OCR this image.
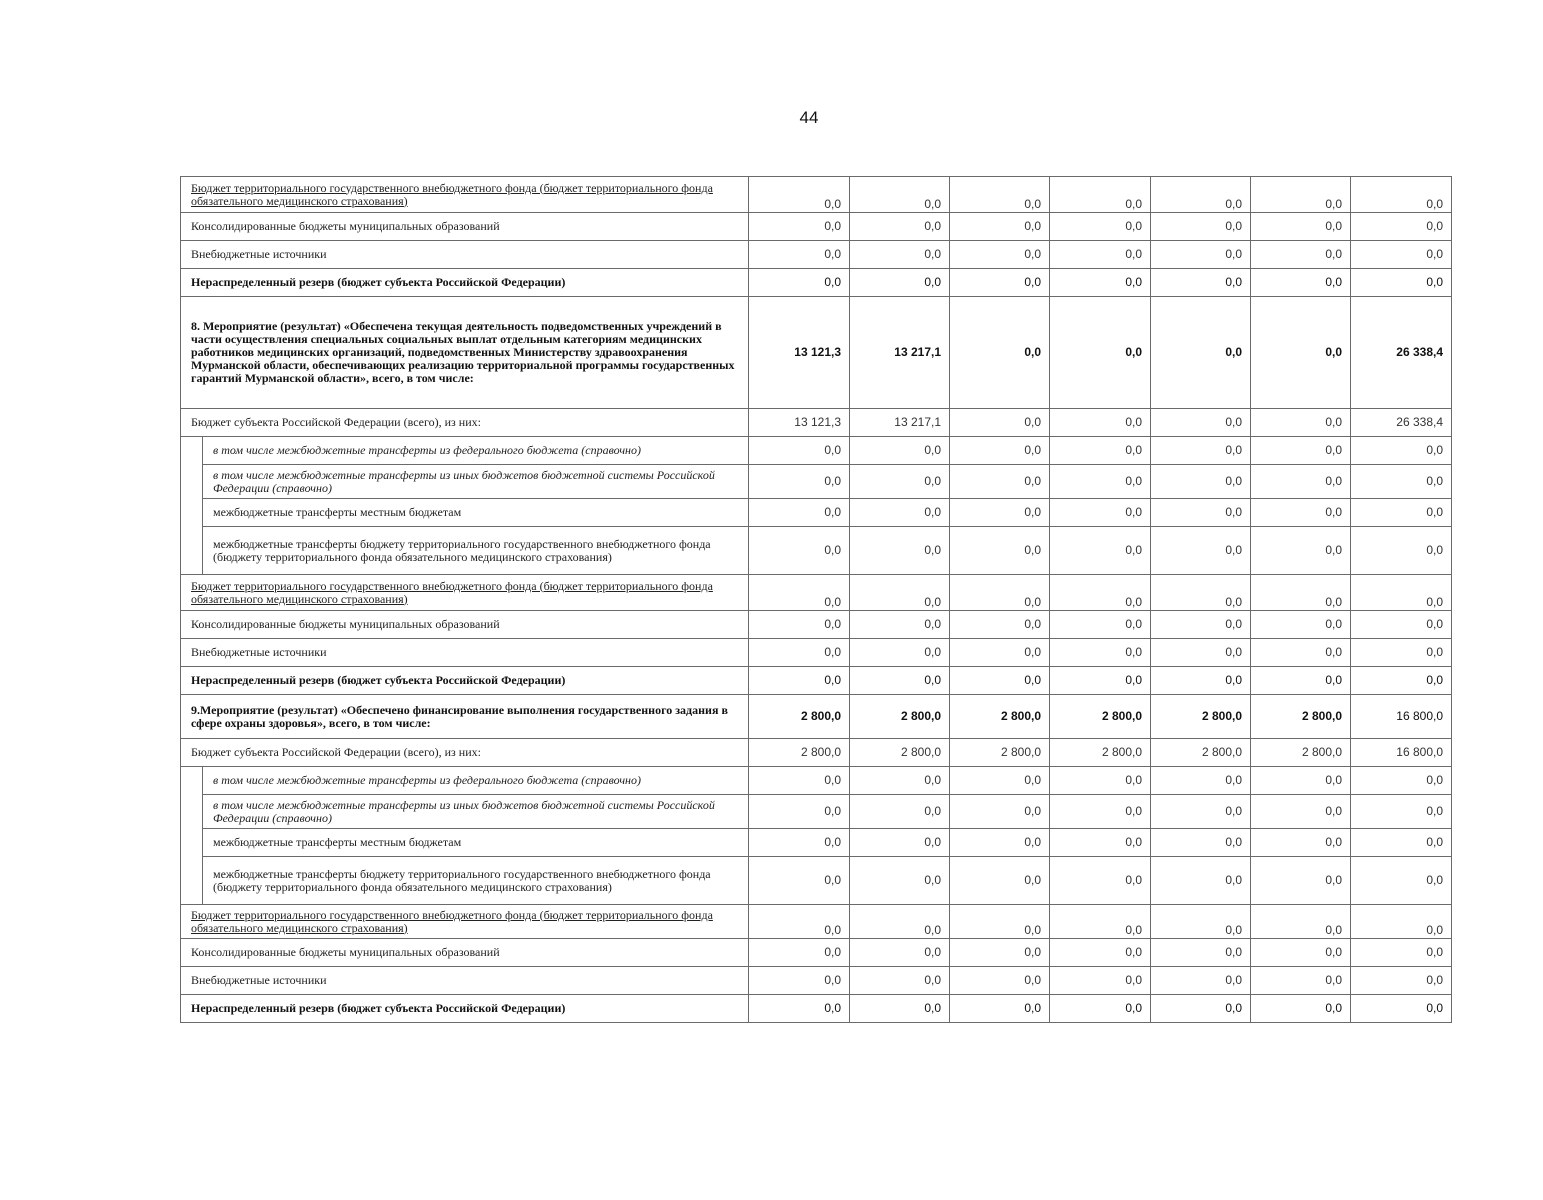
44
Бюджет территориального государственного внебюджетного фонда (бюджет территориального фонда обязательного медицинского страхования)		0,0	0,0	0,0	0,0	0,0	0,0	0,0
Консолидированные бюджеты муниципальных образований		0,0	0,0	0,0	0,0	0,0	0,0	0,0
Внебюджетные источники		0,0	0,0	0,0	0,0	0,0	0,0	0,0
Нераспределенный резерв (бюджет субъекта Российской Федерации)		0,0	0,0	0,0	0,0	0,0	0,0	0,0
8. Мероприятие (результат) «Обеспечена текущая деятельность подведомственных учреждений в части осуществления специальных социальных выплат отдельным категориям медицинских работников медицинских организаций, подведомственных Министерству здравоохранения Мурманской области, обеспечивающих реализацию территориальной программы государственных гарантий Мурманской области», всего, в том числе:		13 121,3	13 217,1	0,0	0,0	0,0	0,0	26 338,4
Бюджет субъекта Российской Федерации (всего), из них:		13 121,3	13 217,1	0,0	0,0	0,0	0,0	26 338,4
	в том числе межбюджетные трансферты из федерального бюджета (справочно)	0,0	0,0	0,0	0,0	0,0	0,0	0,0
	в том числе межбюджетные трансферты из иных бюджетов бюджетной системы Российской Федерации (справочно)	0,0	0,0	0,0	0,0	0,0	0,0	0,0
	межбюджетные трансферты местным бюджетам	0,0	0,0	0,0	0,0	0,0	0,0	0,0
	межбюджетные трансферты бюджету территориального государственного внебюджетного фонда (бюджету территориального фонда обязательного медицинского страхования)	0,0	0,0	0,0	0,0	0,0	0,0	0,0
Бюджет территориального государственного внебюджетного фонда (бюджет территориального фонда обязательного медицинского страхования)		0,0	0,0	0,0	0,0	0,0	0,0	0,0
Консолидированные бюджеты муниципальных образований		0,0	0,0	0,0	0,0	0,0	0,0	0,0
Внебюджетные источники		0,0	0,0	0,0	0,0	0,0	0,0	0,0
Нераспределенный резерв (бюджет субъекта Российской Федерации)		0,0	0,0	0,0	0,0	0,0	0,0	0,0
9.Мероприятие (результат) «Обеспечено финансирование выполнения государственного задания в сфере охраны здоровья», всего, в том числе:		2 800,0	2 800,0	2 800,0	2 800,0	2 800,0	2 800,0	16 800,0
Бюджет субъекта Российской Федерации (всего), из них:		2 800,0	2 800,0	2 800,0	2 800,0	2 800,0	2 800,0	16 800,0
	в том числе межбюджетные трансферты из федерального бюджета (справочно)	0,0	0,0	0,0	0,0	0,0	0,0	0,0
	в том числе межбюджетные трансферты из иных бюджетов бюджетной системы Российской Федерации (справочно)	0,0	0,0	0,0	0,0	0,0	0,0	0,0
	межбюджетные трансферты местным бюджетам	0,0	0,0	0,0	0,0	0,0	0,0	0,0
	межбюджетные трансферты бюджету территориального государственного внебюджетного фонда (бюджету территориального фонда обязательного медицинского страхования)	0,0	0,0	0,0	0,0	0,0	0,0	0,0
Бюджет территориального государственного внебюджетного фонда (бюджет территориального фонда обязательного медицинского страхования)		0,0	0,0	0,0	0,0	0,0	0,0	0,0
Консолидированные бюджеты муниципальных образований		0,0	0,0	0,0	0,0	0,0	0,0	0,0
Внебюджетные источники		0,0	0,0	0,0	0,0	0,0	0,0	0,0
Нераспределенный резерв (бюджет субъекта Российской Федерации)		0,0	0,0	0,0	0,0	0,0	0,0	0,0
